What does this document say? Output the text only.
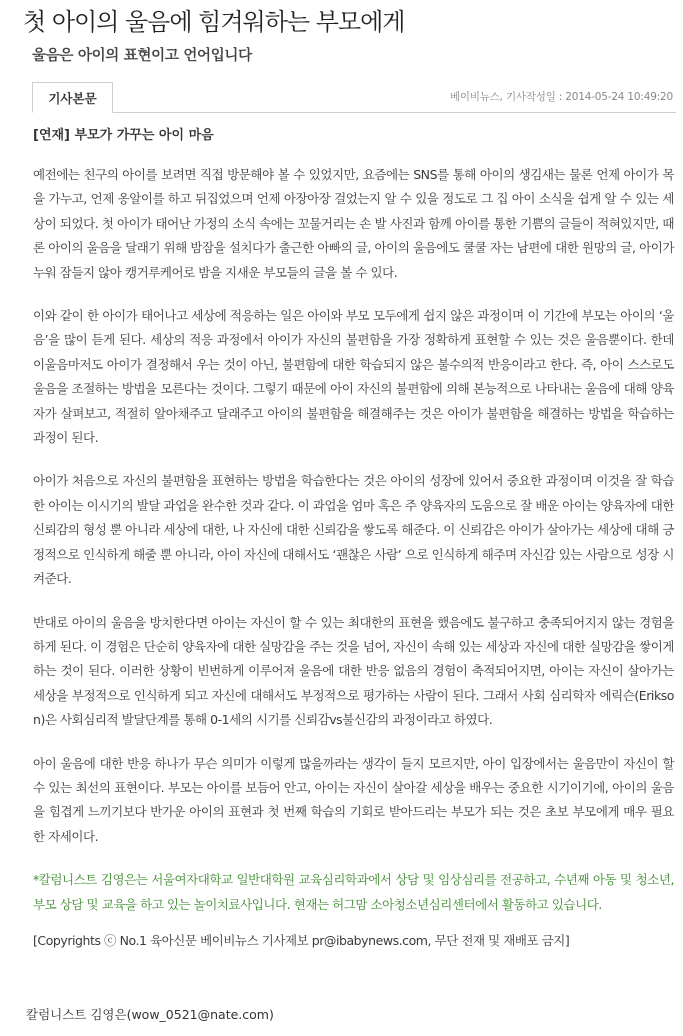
첫 아이의 울음에 힘겨워하는 부모에게
울음은 아이의 표현이고 언어입니다
기사본문	베이비뉴스, 기사작성일 : 2014-05-24 10:49:20
[연재] 부모가 가꾸는 아이 마음

예전에는 친구의 아이를 보려면 직접 방문해야 볼 수 있었지만, 요즘에는 SNS를 통해 아이의 생김새는 물론 언제 아이가 목을 가누고, 언제 옹알이를 하고 뒤집었으며 언제 아장아장 걸었는지 알 수 있을 정도로 그 집 아이 소식을 쉽게 알 수 있는 세상이 되었다. 첫 아이가 태어난 가정의 소식 속에는 꼬물거리는 손 발 사진과 함께 아이를 통한 기쁨의 글들이 적혀있지만, 때론 아이의 울음을 달래기 위해 밤잠을 설치다가 출근한 아빠의 글, 아이의 울음에도 쿨쿨 자는 남편에 대한 원망의 글, 아이가 누워 잠들지 않아 캥거루케어로 밤을 지새운 부모들의 글을 볼 수 있다.

이와 같이 한 아이가 태어나고 세상에 적응하는 일은 아이와 부모 모두에게 쉽지 않은 과정이며 이 기간에 부모는 아이의 ‘울음’을 많이 듣게 된다. 세상의 적응 과정에서 아이가 자신의 불편함을 가장 정확하게 표현할 수 있는 것은 울음뿐이다. 한데 이울음마저도 아이가 결정해서 우는 것이 아닌, 불편함에 대한 학습되지 않은 불수의적 반응이라고 한다. 즉, 아이 스스로도 울음을 조절하는 방법을 모른다는 것이다. 그렇기 때문에 아이 자신의 불편함에 의해 본능적으로 나타내는 울음에 대해 양육자가 살펴보고, 적절히 알아채주고 달래주고 아이의 불편함을 해결해주는 것은 아이가 불편함을 해결하는 방법을 학습하는 과정이 된다.

아이가 처음으로 자신의 불편함을 표현하는 방법을 학습한다는 것은 아이의 성장에 있어서 중요한 과정이며 이것을 잘 학습한 아이는 이시기의 발달 과업을 완수한 것과 같다. 이 과업을 엄마 혹은 주 양육자의 도움으로 잘 배운 아이는 양육자에 대한 신뢰감의 형성 뿐 아니라 세상에 대한, 나 자신에 대한 신뢰감을 쌓도록 해준다. 이 신뢰감은 아이가 살아가는 세상에 대해 긍정적으로 인식하게 해줄 뿐 아니라, 아이 자신에 대해서도 ‘괜찮은 사람’ 으로 인식하게 해주며 자신감 있는 사람으로 성장 시켜준다.

반대로 아이의 울음을 방치한다면 아이는 자신이 할 수 있는 최대한의 표현을 했음에도 불구하고 충족되어지지 않는 경험을 하게 된다. 이 경험은 단순히 양육자에 대한 실망감을 주는 것을 넘어, 자신이 속해 있는 세상과 자신에 대한 실망감을 쌓이게 하는 것이 된다. 이러한 상황이 빈번하게 이루어져 울음에 대한 반응 없음의 경험이 축적되어지면, 아이는 자신이 살아가는 세상을 부정적으로 인식하게 되고 자신에 대해서도 부정적으로 평가하는 사람이 된다. 그래서 사회 심리학자 에릭슨(Erikson)은 사회심리적 발달단계를 통해 0-1세의 시기를 신뢰감vs불신감의 과정이라고 하였다.

아이 울음에 대한 반응 하나가 무슨 의미가 이렇게 많을까라는 생각이 들지 모르지만, 아이 입장에서는 울음만이 자신이 할 수 있는 최선의 표현이다. 부모는 아이를 보듬어 안고, 아이는 자신이 살아갈 세상을 배우는 중요한 시기이기에, 아이의 울음을 힘겹게 느끼기보다 반가운 아이의 표현과 첫 번째 학습의 기회로 받아드리는 부모가 되는 것은 초보 부모에게 매우 필요한 자세이다.

*칼럼니스트 김영은는 서울여자대학교 일반대학원 교육심리학과에서 상담 및 임상심리를 전공하고, 수년째 아동 및 청소년, 부모 상담 및 교육을 하고 있는 놀이치료사입니다. 현재는 허그맘 소아청소년심리센터에서 활동하고 있습니다.

[Copyrights ⓒ No.1 육아신문 베이비뉴스 기사제보 pr@ibabynews.com, 무단 전재 및 재배포 금지]

칼럼니스트 김영은(wow_0521@nate.com)
